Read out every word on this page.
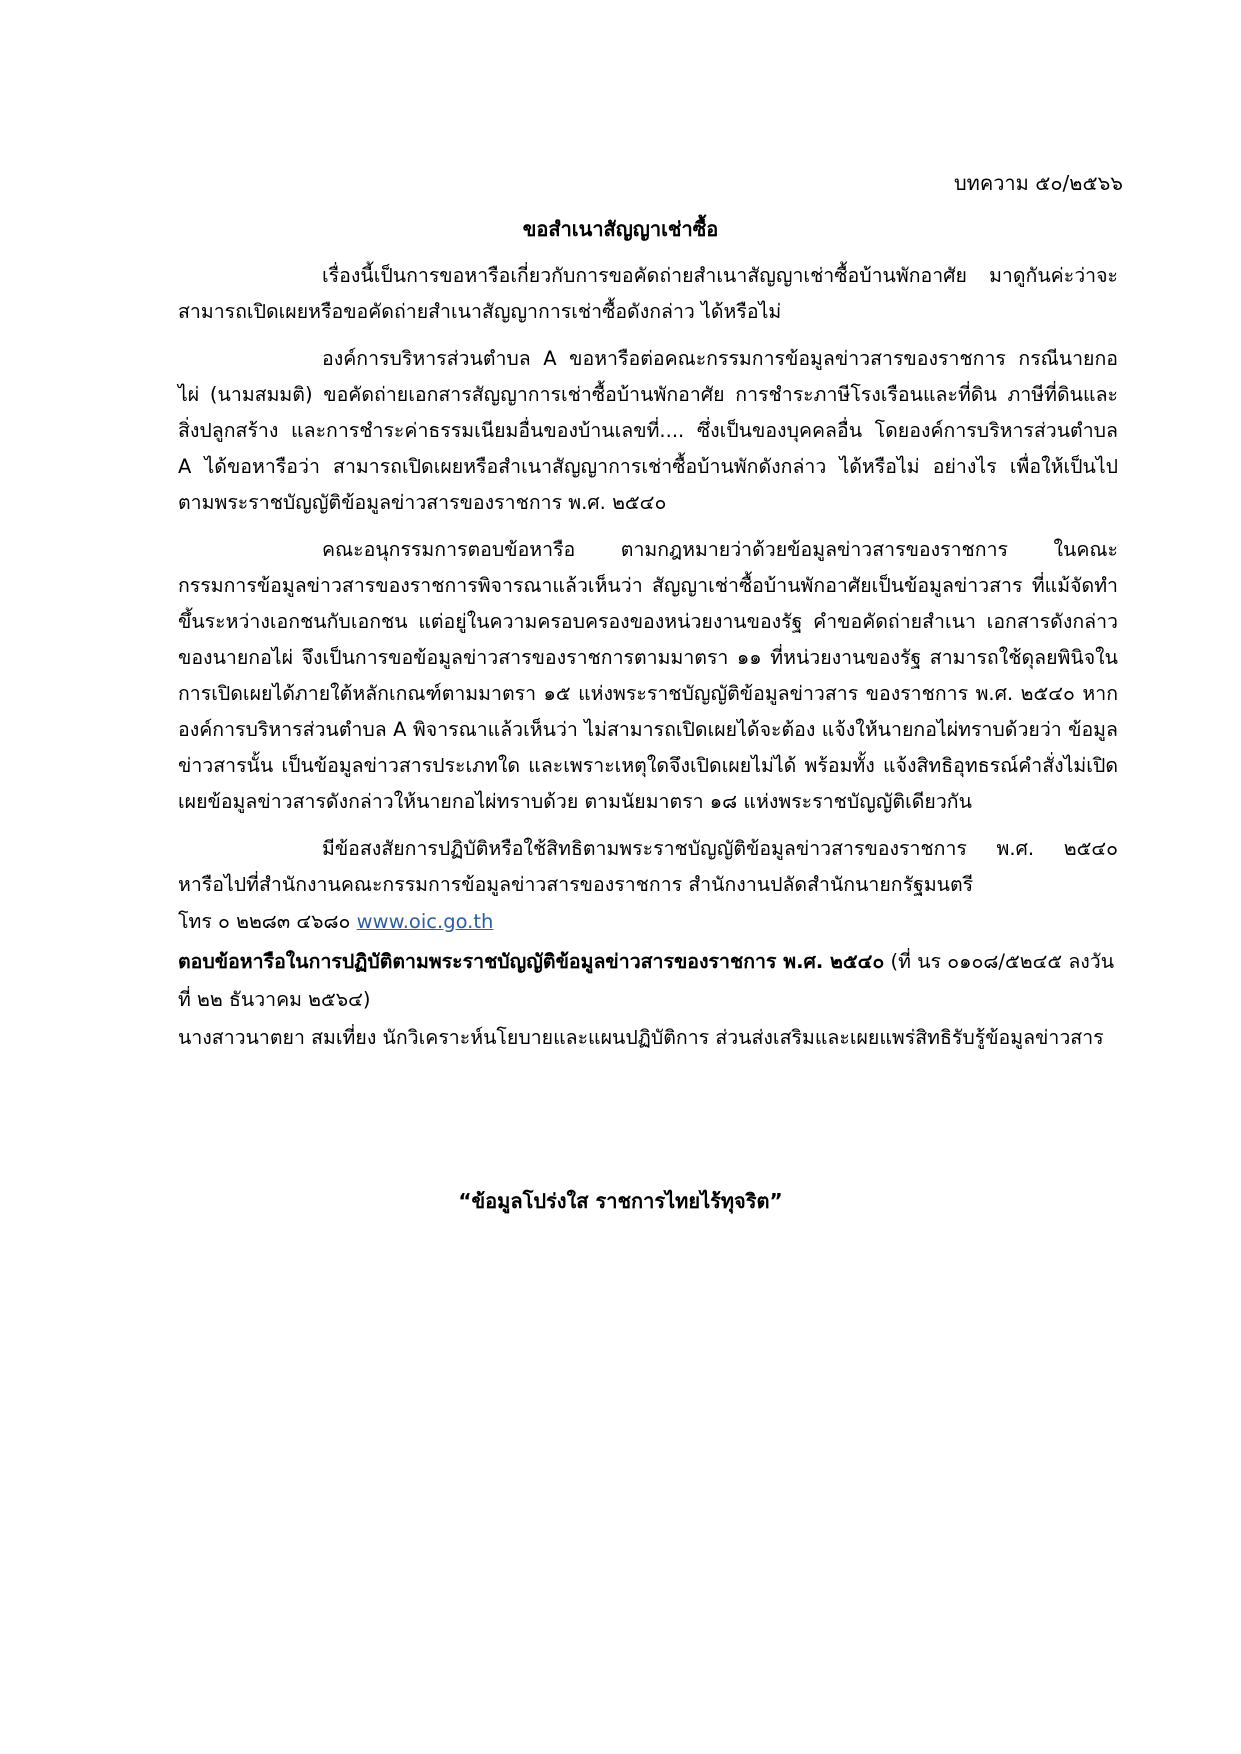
บทความ ๕๐/๒๕๖๖
ขอสำเนาสัญญาเช่าซื้อ

เรื่องนี้เป็นการขอหารือเกี่ยวกับการขอคัดถ่ายสำเนาสัญญาเช่าซื้อบ้านพักอาศัย มาดูกันค่ะว่าจะสามารถเปิดเผยหรือขอคัดถ่ายสำเนาสัญญาการเช่าซื้อดังกล่าว ได้หรือไม่

องค์การบริหารส่วนตำบล A ขอหารือต่อคณะกรรมการข้อมูลข่าวสารของราชการ กรณีนายกอไผ่ (นามสมมติ) ขอคัดถ่ายเอกสารสัญญาการเช่าซื้อบ้านพักอาศัย การชำระภาษีโรงเรือนและที่ดิน ภาษีที่ดินและสิ่งปลูกสร้าง และการชำระค่าธรรมเนียมอื่นของบ้านเลขที่.... ซึ่งเป็นของบุคคลอื่น โดยองค์การบริหารส่วนตำบล A ได้ขอหารือว่า สามารถเปิดเผยหรือสำเนาสัญญาการเช่าซื้อบ้านพักดังกล่าว ได้หรือไม่ อย่างไร เพื่อให้เป็นไปตามพระราชบัญญัติข้อมูลข่าวสารของราชการ พ.ศ. ๒๕๔๐

คณะอนุกรรมการตอบข้อหารือ ตามกฎหมายว่าด้วยข้อมูลข่าวสารของราชการ ในคณะกรรมการข้อมูลข่าวสารของราชการพิจารณาแล้วเห็นว่า สัญญาเช่าซื้อบ้านพักอาศัยเป็นข้อมูลข่าวสาร ที่แม้จัดทำขึ้นระหว่างเอกชนกับเอกชน แต่อยู่ในความครอบครองของหน่วยงานของรัฐ คำขอคัดถ่ายสำเนา เอกสารดังกล่าวของนายกอไผ่ จึงเป็นการขอข้อมูลข่าวสารของราชการตามมาตรา ๑๑ ที่หน่วยงานของรัฐ สามารถใช้ดุลยพินิจในการเปิดเผยได้ภายใต้หลักเกณฑ์ตามมาตรา ๑๕ แห่งพระราชบัญญัติข้อมูลข่าวสาร ของราชการ พ.ศ. ๒๕๔๐ หากองค์การบริหารส่วนตำบล A พิจารณาแล้วเห็นว่า ไม่สามารถเปิดเผยได้จะต้อง แจ้งให้นายกอไผ่ทราบด้วยว่า ข้อมูลข่าวสารนั้น เป็นข้อมูลข่าวสารประเภทใด และเพราะเหตุใดจึงเปิดเผยไม่ได้ พร้อมทั้ง แจ้งสิทธิอุทธรณ์คำสั่งไม่เปิดเผยข้อมูลข่าวสารดังกล่าวให้นายกอไผ่ทราบด้วย ตามนัยมาตรา ๑๘ แห่งพระราชบัญญัติเดียวกัน

มีข้อสงสัยการปฏิบัติหรือใช้สิทธิตามพระราชบัญญัติข้อมูลข่าวสารของราชการ พ.ศ. ๒๕๔๐ หารือไปที่สำนักงานคณะกรรมการข้อมูลข่าวสารของราชการ สำนักงานปลัดสำนักนายกรัฐมนตรี

โทร ๐ ๒๒๘๓ ๔๖๘๐ www.oic.go.th

ตอบข้อหารือในการปฏิบัติตามพระราชบัญญัติข้อมูลข่าวสารของราชการ พ.ศ. ๒๕๔๐ (ที่ นร ๐๑๐๘/๕๒๔๕ ลงวันที่ ๒๒ ธันวาคม ๒๕๖๔)

นางสาวนาตยา สมเที่ยง นักวิเคราะห์นโยบายและแผนปฏิบัติการ ส่วนส่งเสริมและเผยแพร่สิทธิรับรู้ข้อมูลข่าวสาร

“ข้อมูลโปร่งใส ราชการไทยไร้ทุจริต”
